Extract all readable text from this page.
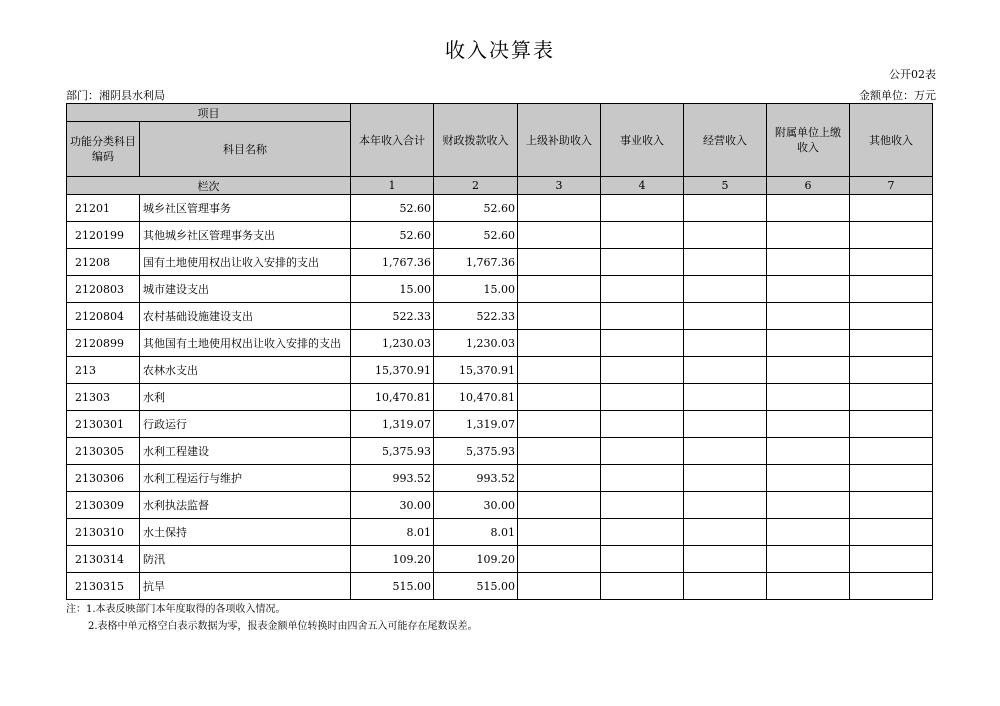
收入决算表
公开02表
部门：湘阴县水利局	金额单位：万元
项目		本年收入合计	财政拨款收入	上级补助收入	事业收入	经营收入	附属单位上缴收入	其他收入
功能分类科目编码	科目名称							
栏次		1	2	3	4	5	6	7
21201	城乡社区管理事务	52.60	52.60					
2120199	其他城乡社区管理事务支出	52.60	52.60					
21208	国有土地使用权出让收入安排的支出	1,767.36	1,767.36					
2120803	城市建设支出	15.00	15.00					
2120804	农村基础设施建设支出	522.33	522.33					
2120899	其他国有土地使用权出让收入安排的支出	1,230.03	1,230.03					
213	农林水支出	15,370.91	15,370.91					
21303	水利	10,470.81	10,470.81					
2130301	行政运行	1,319.07	1,319.07					
2130305	水利工程建设	5,375.93	5,375.93					
2130306	水利工程运行与维护	993.52	993.52					
2130309	水利执法监督	30.00	30.00					
2130310	水土保持	8.01	8.01					
2130314	防汛	109.20	109.20					
2130315	抗旱	515.00	515.00					
注：1.本表反映部门本年度取得的各项收入情况。
2.表格中单元格空白表示数据为零，报表金额单位转换时由四舍五入可能存在尾数误差。
